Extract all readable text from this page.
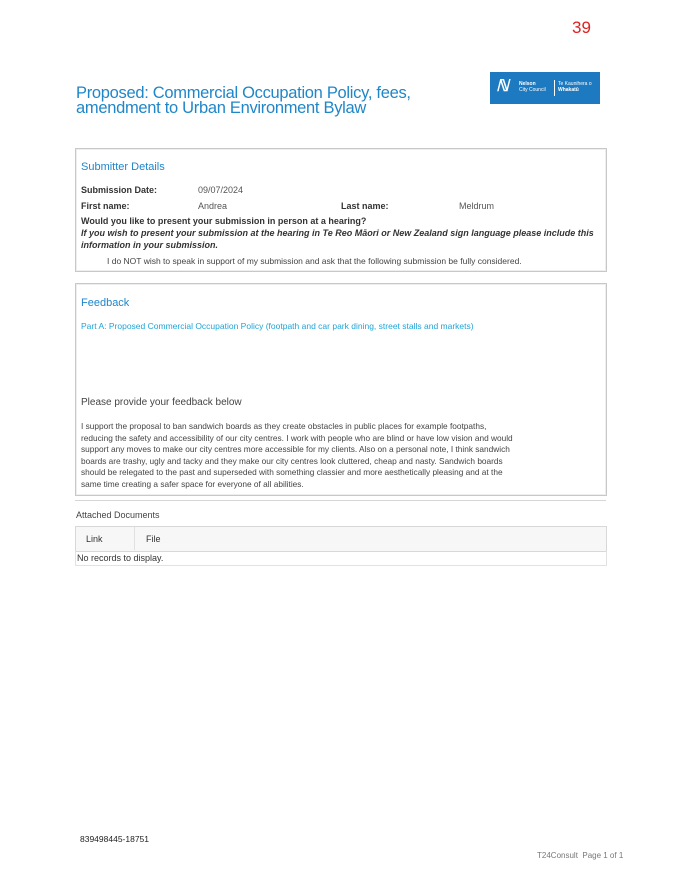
39
Proposed: Commercial Occupation Policy, fees, amendment to Urban Environment Bylaw
ℕ Nelson
City Council
Te Kaunihera o
Whakatū
Submitter Details
Submission Date:	09/07/2024
First name:	Andrea	Last name:	Meldrum
Would you like to present your submission in person at a hearing?
If you wish to present your submission at the hearing in Te Reo Māori or New Zealand sign language please include this information in your submission.
I do NOT wish to speak in support of my submission and ask that the following submission be fully considered.
Feedback
Part A: Proposed Commercial Occupation Policy (footpath and car park dining, street stalls and markets)
Please provide your feedback below
I support the proposal to ban sandwich boards as they create obstacles in public places for example footpaths,
reducing the safety and accessibility of our city centres. I work with people who are blind or have low vision and would
support any moves to make our city centres more accessible for my clients. Also on a personal note, I think sandwich
boards are trashy, ugly and tacky and they make our city centres look cluttered, cheap and nasty. Sandwich boards
should be relegated to the past and superseded with something classier and more aesthetically pleasing and at the
same time creating a safer space for everyone of all abilities.
Attached Documents
Link	File
No records to display.
839498445-18751
T24Consult  Page 1 of 1
